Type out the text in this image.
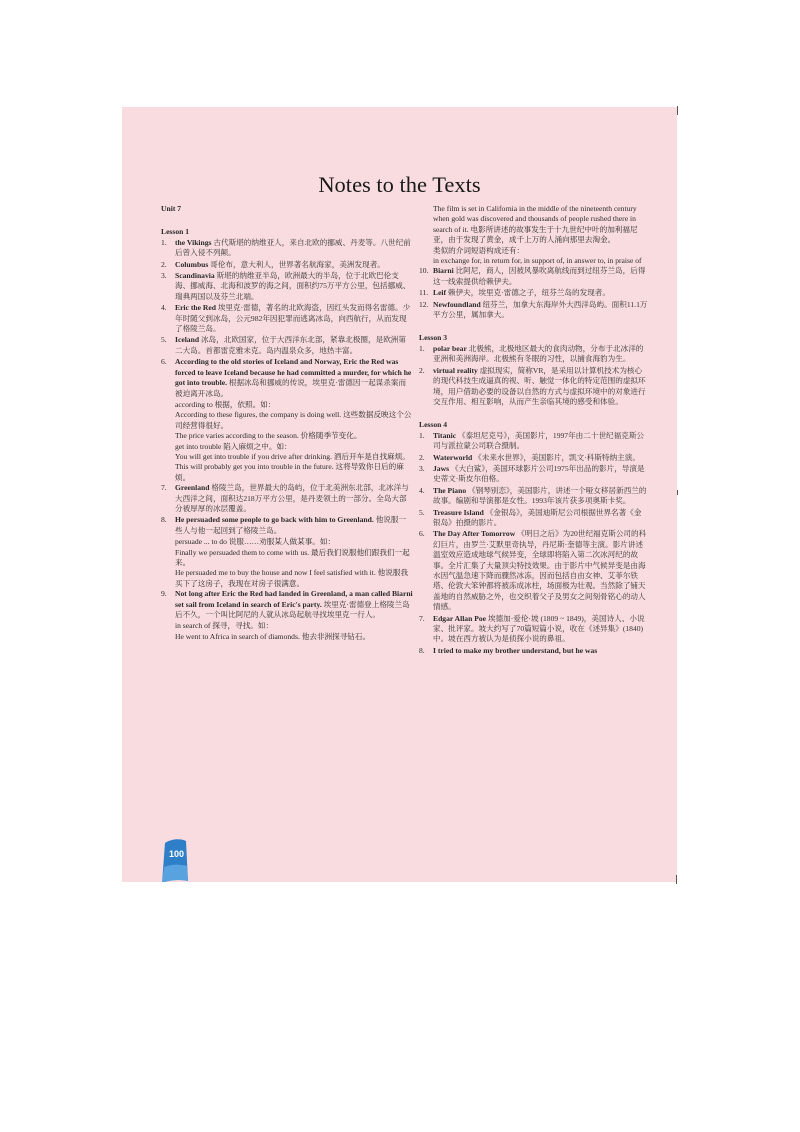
Notes to the Texts
Unit 7
Lesson 1
1. the Vikings 古代斯堪的纳维亚人，来自北欧的挪威、丹麦等。八世纪前后曾入侵不列颠。
2. Columbus 哥伦布，意大利人，世界著名航海家，美洲发现者。
3. Scandinavia 斯堪的纳维亚半岛，欧洲最大的半岛，位于北欧巴伦支海、挪威海、北海和波罗的海之间，面积约75万平方公里，包括挪威、瑞典两国以及芬兰北端。
4. Eric the Red 埃里克·雷德，著名的北欧海盗，因红头发而得名雷德。少年时随父到冰岛，公元982年因犯罪而逃离冰岛，向西航行，从而发现了格陵兰岛。
5. Iceland 冰岛，北欧国家，位于大西洋东北部，紧靠北极圈，是欧洲第二大岛。首都雷克雅未克。岛内温泉众多，地热丰富。
6. According to the old stories of Iceland and Norway, Eric the Red was forced to leave Iceland because he had committed a murder, for which he got into trouble. 根据冰岛和挪威的传说，埃里克·雷德因一起谋杀案而被迫离开冰岛。
according to 根据，依照。如：
According to these figures, the company is doing well. 这些数据反映这个公司经营得很好。
The price varies according to the season. 价格随季节变化。
get into trouble 陷入麻烦之中。如：
You will get into trouble if you drive after drinking. 酒后开车是自找麻烦。
This will probably get you into trouble in the future. 这将导致你日后的麻烦。
7. Greenland 格陵兰岛，世界最大的岛屿，位于北美洲东北部，北冰洋与大西洋之间，面积达218万平方公里，是丹麦领土的一部分。全岛大部分被厚厚的冰层覆盖。
8. He persuaded some people to go back with him to Greenland. 他说服一些人与他一起回到了格陵兰岛。
persuade ... to do 说服……劝服某人做某事。如：
Finally we persuaded them to come with us. 最后我们说服他们跟我们一起来。
He persuaded me to buy the house and now I feel satisfied with it. 他说服我买下了这房子，我现在对房子很满意。
9. Not long after Eric the Red had landed in Greenland, a man called Biarni set sail from Iceland in search of Eric's party. 埃里克·雷德登上格陵兰岛后不久，一个叫比阿尼的人就从冰岛起航寻找埃里克一行人。
in search of 探寻，寻找。如：
He went to Africa in search of diamonds. 他去非洲探寻钻石。
The film is set in California in the middle of the nineteenth century when gold was discovered and thousands of people rushed there in search of it. 电影所讲述的故事发生于十九世纪中叶的加利福尼亚，由于发现了黄金，成千上万的人涌向那里去淘金。
类似的介词短语构成还有：
in exchange for, in return for, in support of, in answer to, in praise of
10. Biarni 比阿尼，商人，因被风暴吹离航线而到过纽芬兰岛，后得这一线索提供给赖伊夫。
11. Leif 赖伊夫，埃里克·雷德之子，纽芬兰岛的发现者。
12. Newfoundland 纽芬兰，加拿大东海岸外大西洋岛屿。面积11.1万平方公里，属加拿大。
Lesson 3
1. polar bear 北极熊，北极地区最大的食肉动物，分布于北冰洋的亚洲和美洲海岸。北极熊有冬眠的习性，以捕食海豹为生。
2. virtual reality 虚拟现实，简称VR，是采用以计算机技术为核心的现代科技生成逼真的视、听、触觉一体化的特定范围的虚拟环境，用户借助必要的设备以自然的方式与虚拟环境中的对象进行交互作用、相互影响，从而产生亲临其境的感受和体验。
Lesson 4
1. Titanic 《泰坦尼克号》，美国影片，1997年由二十世纪福克斯公司与派拉蒙公司联合摄制。
2. Waterworld 《未来水世界》，美国影片，凯文·科斯特纳主演。
3. Jaws 《大白鲨》，美国环球影片公司1975年出品的影片，导演是史蒂文·斯皮尔伯格。
4. The Piano 《钢琴别恋》，美国影片，讲述一个哑女移居新西兰的故事。编剧和导演都是女性。1993年该片获多项奥斯卡奖。
5. Treasure Island 《金银岛》，美国迪斯尼公司根据世界名著《金银岛》拍摄的影片。
6. The Day After Tomorrow 《明日之后》为20世纪福克斯公司的科幻巨片，由罗兰·艾默里奇执导，丹尼斯·奎德等主演。影片讲述温室效应造成地球气候异变，全球即将陷入第二次冰河纪的故事。全片汇集了大量顶尖特技效果。由于影片中气候异变是由海水因气温急速下降而骤然冰冻，因而包括自由女神、艾菲尔铁塔、伦敦大笨钟都将被冻成冰柱，场面极为壮观。当然除了铺天盖地的自然威胁之外，也交织着父子及男女之间刻骨铭心的动人情感。
7. Edgar Allan Poe 埃德加·爱伦·坡 (1809 ~ 1849)，美国诗人、小说家、批评家。坡大约写了70篇短篇小说，收在《述异集》(1840)中。坡在西方被认为是侦探小说的鼻祖。
8. I tried to make my brother understand, but he was
100
